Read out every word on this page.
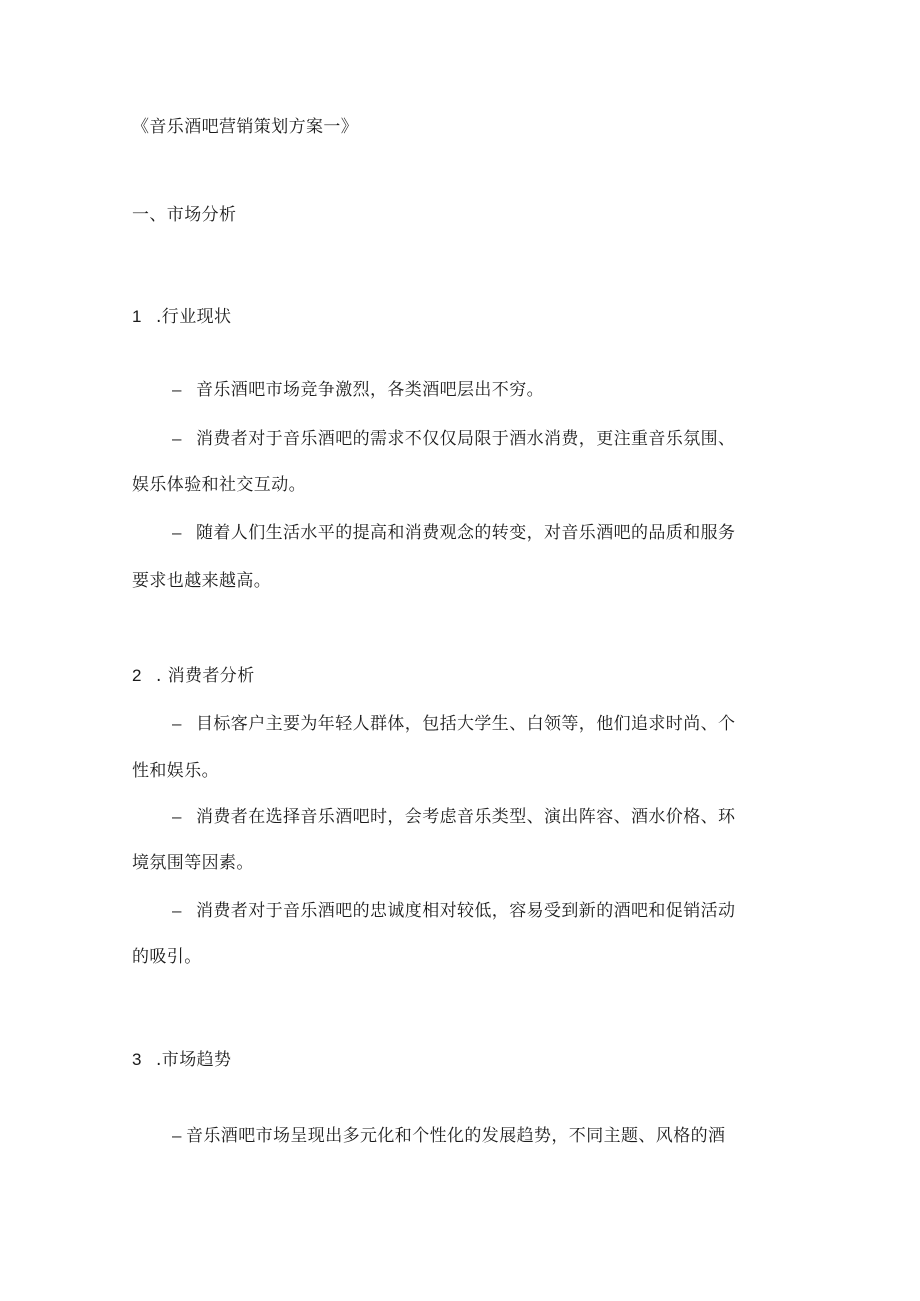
《音乐酒吧营销策划方案一》
一、市场分析
1 .行业现状
– 音乐酒吧市场竞争激烈，各类酒吧层出不穷。
– 消费者对于音乐酒吧的需求不仅仅局限于酒水消费，更注重音乐氛围、
娱乐体验和社交互动。
– 随着人们生活水平的提高和消费观念的转变，对音乐酒吧的品质和服务
要求也越来越高。
2 . 消费者分析
– 目标客户主要为年轻人群体，包括大学生、白领等，他们追求时尚、个
性和娱乐。
– 消费者在选择音乐酒吧时，会考虑音乐类型、演出阵容、酒水价格、环
境氛围等因素。
– 消费者对于音乐酒吧的忠诚度相对较低，容易受到新的酒吧和促销活动
的吸引。
3 .市场趋势
– 音乐酒吧市场呈现出多元化和个性化的发展趋势，不同主题、风格的酒
